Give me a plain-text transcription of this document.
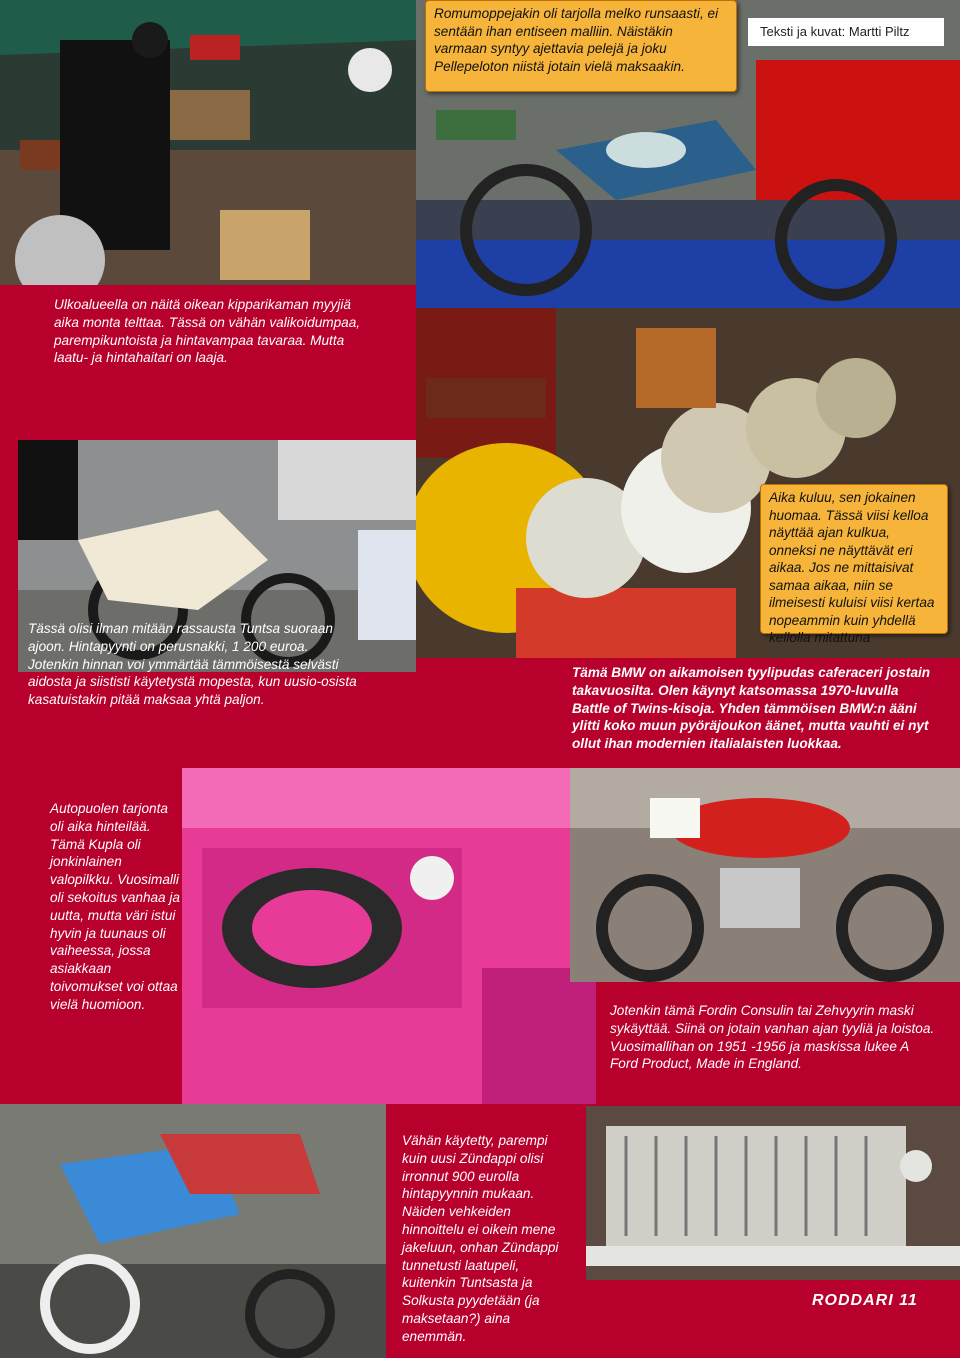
Teksti ja kuvat: Martti Piltz
Romumoppejakin oli tarjolla melko runsaasti, ei sentään ihan entiseen malliin. Näistäkin varmaan syntyy ajettavia pelejä ja joku Pellepeloton niistä jotain vielä maksaakin.
Aika kuluu, sen jokainen huomaa. Tässä viisi kelloa näyttää ajan kulkua, onneksi ne näyttävät eri aikaa. Jos ne mittaisivat samaa aikaa, niin se ilmeisesti kuluisi viisi kertaa nopeammin kuin yhdellä kellolla mitattuna

Ulkoalueella on näitä oikean kipparikaman myyjiä aika monta telttaa. Tässä on vähän valikoidumpaa, parempikuntoista ja hintavampaa tavaraa. Mutta laatu- ja hintahaitari on laaja.

Tässä olisi ilman mitään rassausta Tuntsa suoraan ajoon. Hintapyynti on perusnakki, 1 200 euroa. Jotenkin hinnan voi ymmärtää tämmöisestä selvästi aidosta ja siististi käytetystä mopesta, kun uusio-osista kasatuistakin pitää maksaa yhtä paljon.

Tämä BMW on aikamoisen tyylipudas caferaceri jostain takavuosilta. Olen käynyt katsomassa 1970-luvulla Battle of Twins-kisoja. Yhden tämmöisen BMW:n ääni ylitti koko muun pyöräjoukon äänet, mutta vauhti ei nyt ollut ihan modernien italialaisten luokkaa.

Autopuolen tarjonta oli aika hinteilää. Tämä Kupla oli jonkinlainen valopilkku. Vuosimalli oli sekoitus vanhaa ja uutta, mutta väri istui hyvin ja tuunaus oli vaiheessa, jossa asiakkaan toivomukset voi ottaa vielä huomioon.	Jotenkin tämä Fordin Consulin tai Zehvyyrin maski sykäyttää. Siinä on jotain vanhan ajan tyyliä ja loistoa. Vuosimallihan on 1951 -1956 ja maskissa lukee A Ford Product, Made in England.

Vähän käytetty, parempi kuin uusi Zündappi olisi irronnut 900 eurolla hintapyynnin mukaan. Näiden vehkeiden hinnoittelu ei oikein mene jakeluun, onhan Zündappi tunnetusti laatupeli, kuitenkin Tuntsasta ja Solkusta pyydetään (ja maksetaan?) aina enemmän.

RODDARI 11
